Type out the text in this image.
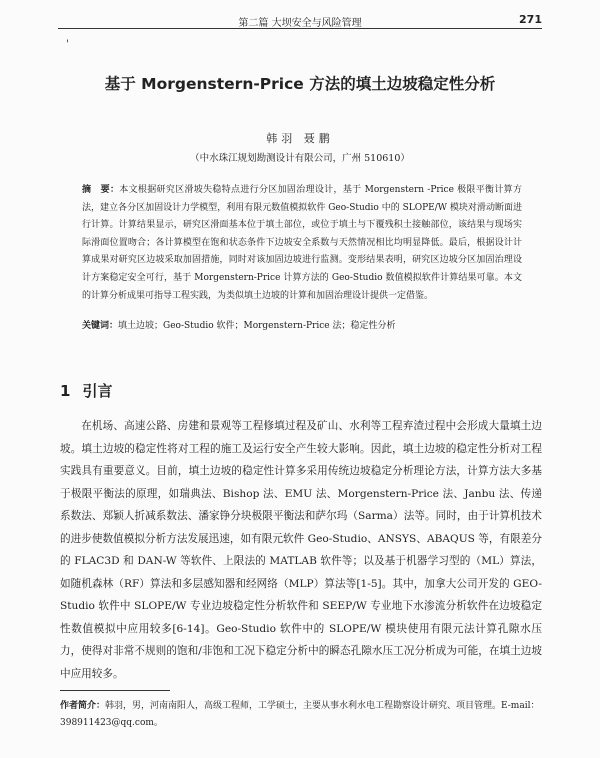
第二篇 大坝安全与风险管理	271
'
基于 Morgenstern-Price 方法的填土边坡稳定性分析
韩羽 聂鹏
（中水珠江规划勘测设计有限公司，广州 510610）
摘　要：本文根据研究区滑坡失稳特点进行分区加固治理设计，基于 Morgenstern -Price 极限平衡计算方法，建立各分区加固设计力学模型，利用有限元数值模拟软件 Geo-Studio 中的 SLOPE/W 模块对滑动断面进行计算。计算结果显示，研究区滑面基本位于填土部位，或位于填土与下覆残积土接触部位，该结果与现场实际滑面位置吻合；各计算模型在饱和状态条件下边坡安全系数与天然情况相比均明显降低。最后，根据设计计算成果对研究区边坡采取加固措施，同时对该加固边坡进行监测。变形结果表明，研究区边坡分区加固治理设计方案稳定安全可行，基于 Morgenstern-Price 计算方法的 Geo-Studio 数值模拟软件计算结果可靠。本文的计算分析成果可指导工程实践，为类似填土边坡的计算和加固治理设计提供一定借鉴。
关键词：填土边坡；Geo-Studio 软件；Morgenstern-Price 法；稳定性分析
1 引言
在机场、高速公路、房建和景观等工程修填过程及矿山、水利等工程弃渣过程中会形成大量填土边坡。填土边坡的稳定性将对工程的施工及运行安全产生较大影响。因此，填土边坡的稳定性分析对工程实践具有重要意义。目前，填土边坡的稳定性计算多采用传统边坡稳定分析理论方法，计算方法大多基于极限平衡法的原理，如瑞典法、Bishop 法、EMU 法、Morgenstern-Price 法、Janbu 法、传递系数法、郑颖人折减系数法、潘家铮分块极限平衡法和萨尔玛（Sarma）法等。同时，由于计算机技术的进步使数值模拟分析方法发展迅速，如有限元软件 Geo-Studio、ANSYS、ABAQUS 等，有限差分的 FLAC3D 和 DAN-W 等软件、上限法的 MATLAB 软件等；以及基于机器学习型的（ML）算法，如随机森林（RF）算法和多层感知器和经网络（MLP）算法等[1-5]。其中，加拿大公司开发的 GEO-Studio 软件中 SLOPE/W 专业边坡稳定性分析软件和 SEEP/W 专业地下水渗流分析软件在边坡稳定性数值模拟中应用较多[6-14]。Geo-Studio 软件中的 SLOPE/W 模块使用有限元法计算孔隙水压力，使得对非常不规则的饱和/非饱和工况下稳定分析中的瞬态孔隙水压工况分析成为可能，在填土边坡中应用较多。
作者简介：韩羽，男，河南南阳人，高级工程师，工学硕士，主要从事水利水电工程勘察设计研究、项目管理。E-mail：398911423@qq.com。
